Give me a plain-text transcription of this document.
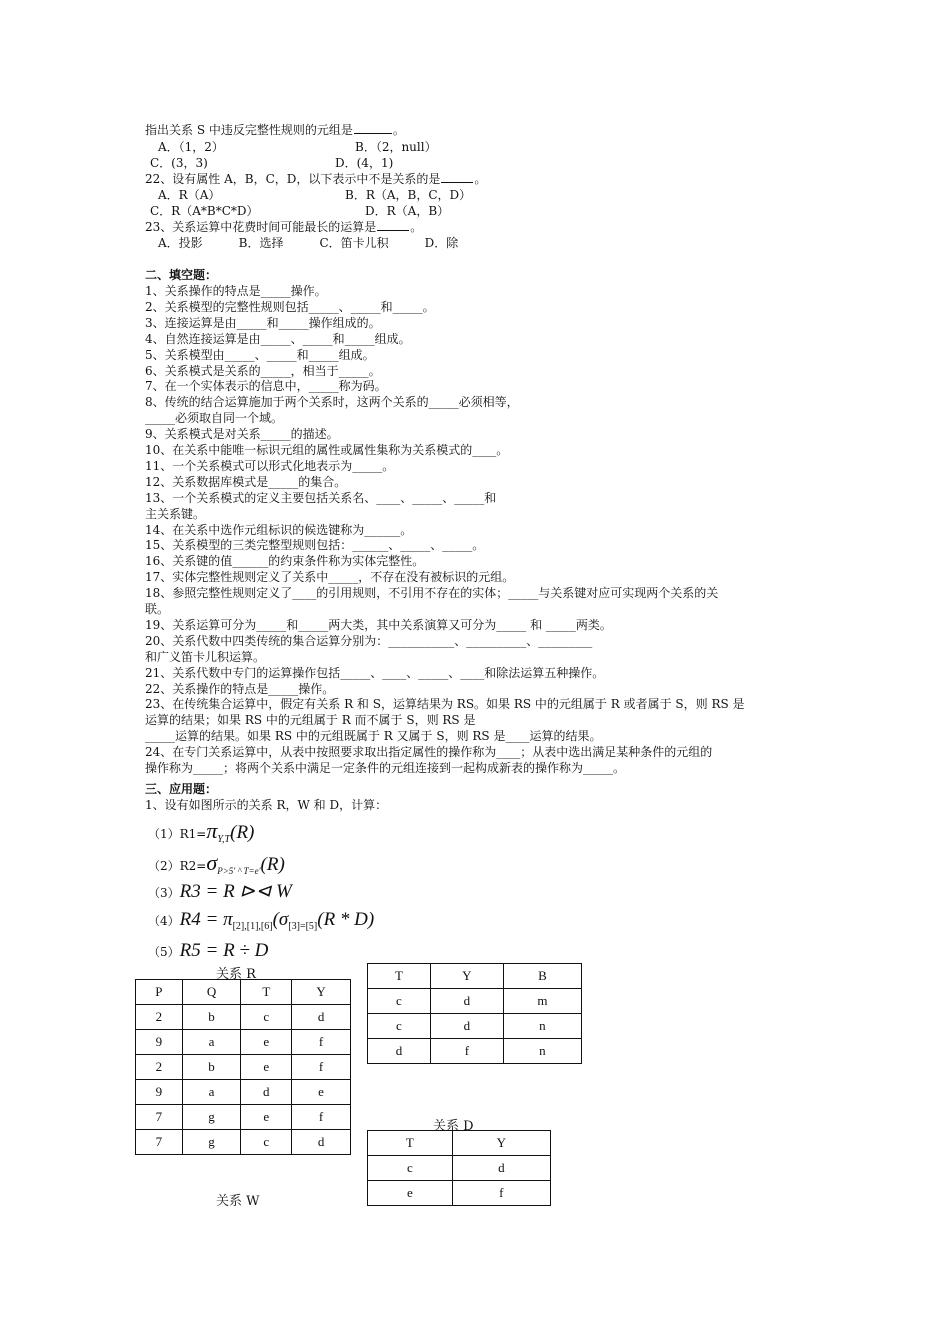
指出关系 S 中违反完整性规则的元组是	。
A．（1，2）	B．（2，null）
C．(3，3)	D．(4，1)
22、设有属性 A，B，C，D，以下表示中不是关系的是	。
A．R（A）	B．R（A，B，C，D）
C．R（A*B*C*D）	D．R（A，B）
23、关系运算中花费时间可能最长的运算是	。
A．投影　　　B．选择　　　C．笛卡儿积　　　D．除
二、填空题：
1、关系操作的特点是_____操作。
2、关系模型的完整性规则包括_____、_____和_____。
3、连接运算是由_____和_____操作组成的。
4、自然连接运算是由_____、_____和_____组成。
5、关系模型由_____、_____和_____组成。
6、关系模式是关系的_____，相当于_____。
7、在一个实体表示的信息中，_____称为码。
8、传统的结合运算施加于两个关系时，这两个关系的_____必须相等，
_____必须取自同一个域。
9、关系模式是对关系_____的描述。
10、在关系中能唯一标识元组的属性或属性集称为关系模式的____。
11、一个关系模式可以形式化地表示为_____。
12、关系数据库模式是_____的集合。
13、一个关系模式的定义主要包括关系名、____、_____、_____和
主关系键。
14、在关系中选作元组标识的候选键称为______。
15、关系模型的三类完整型规则包括：______、_____、_____。
16、关系键的值______的约束条件称为实体完整性。
17、实体完整性规则定义了关系中_____，不存在没有被标识的元组。
18、参照完整性规则定义了____的引用规则，不引用不存在的实体；_____与关系键对应可实现两个关系的关
联。
19、关系运算可分为_____和_____两大类，其中关系演算又可分为_____ 和 _____两类。
20、关系代数中四类传统的集合运算分别为：___________、__________、_________
和广义笛卡儿积运算。
21、关系代数中专门的运算操作包括_____、____、_____、____和除法运算五种操作。
22、关系操作的特点是_____操作。
23、在传统集合运算中，假定有关系 R 和 S，运算结果为 RS。如果 RS 中的元组属于 R 或者属于 S，则 RS 是
运算的结果；如果 RS 中的元组属于 R 而不属于 S，则 RS 是
_____运算的结果。如果 RS 中的元组既属于 R 又属于 S，则 RS 是____运算的结果。
24、在专门关系运算中，从表中按照要求取出指定属性的操作称为____；从表中选出满足某种条件的元组的
操作称为_____；将两个关系中满足一定条件的元组连接到一起构成新表的操作称为_____。
三、应用题：
1、设有如图所示的关系 R，W 和 D，计算：
$(1)R1=\pi_{Y,T}(R)$
$(2)R2=\sigma_{P>5' \^{} T=e'}(R)$
（3）R3 = R ⊳⊲ W
$(4)R4 = \pi_{[2],[1],[6]}(\sigma_{[3]=[5]}(R * D)$
（5）R5 = R ÷ D
关系 R
关系 D
关系 W
P	Q	T	Y
2	b	c	d
9	a	e	f
2	b	e	f
9	a	d	e
7	g	e	f
7	g	c	d
T	Y	B
c	d	m
c	d	n
d	f	n
T	Y
c	d
e	f
